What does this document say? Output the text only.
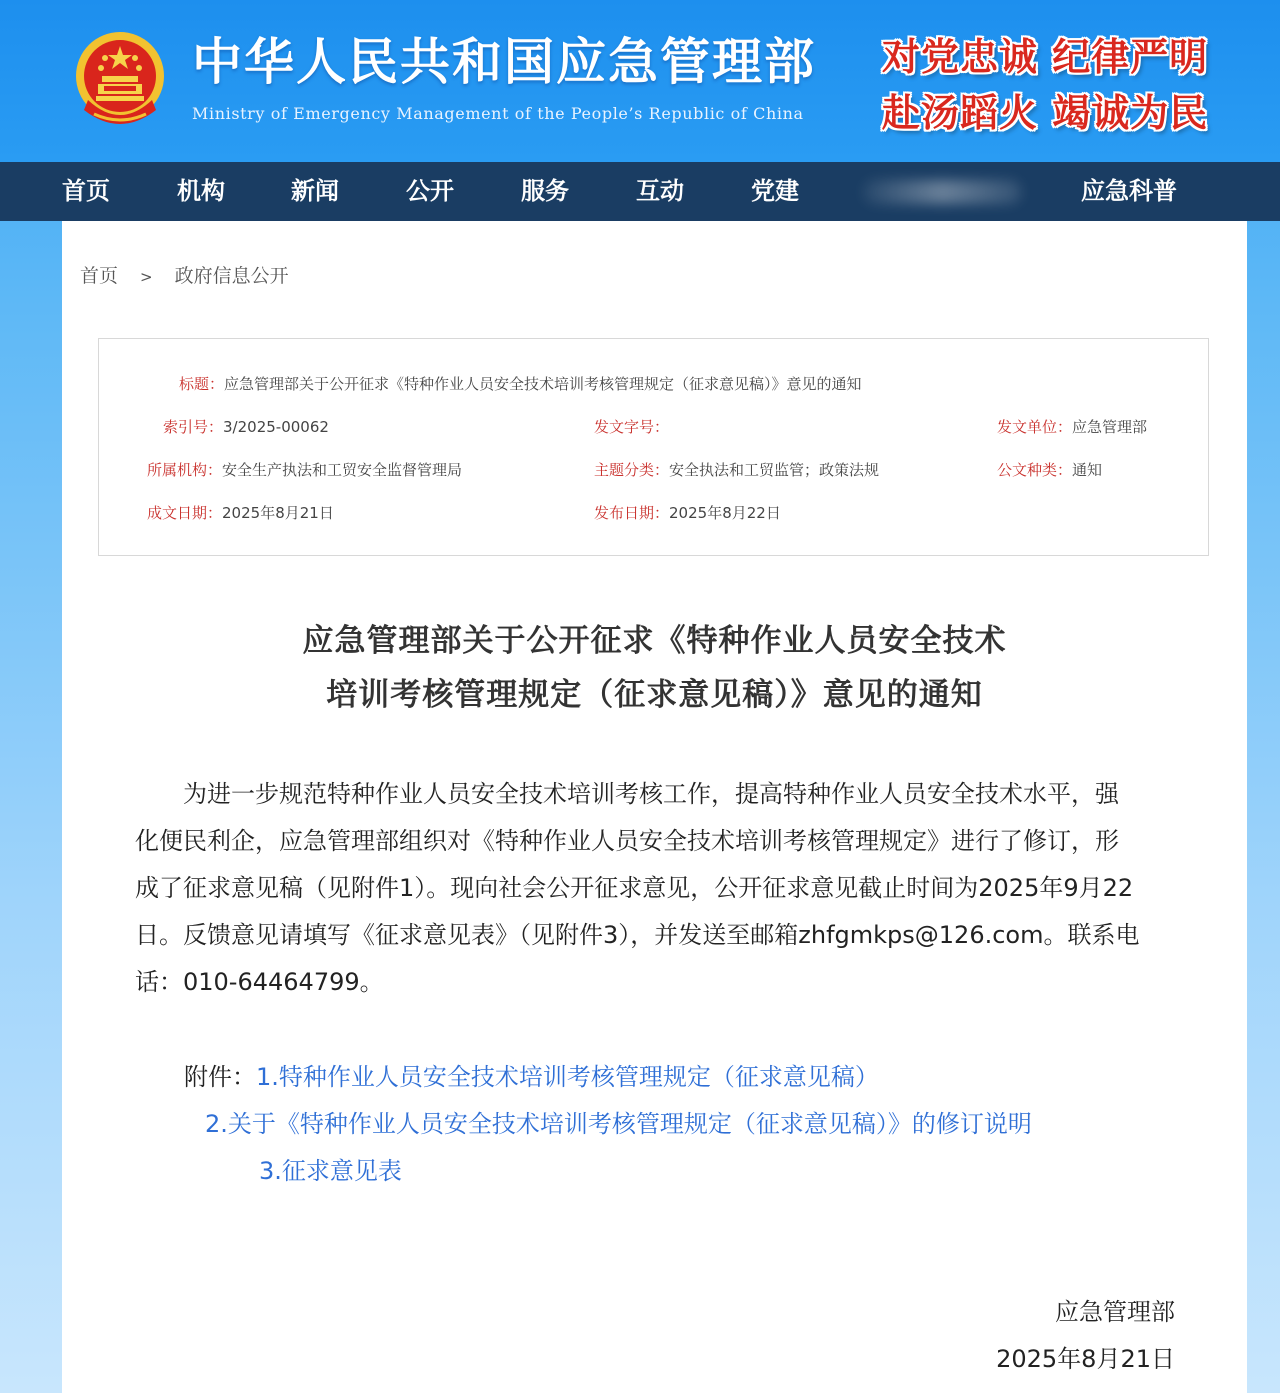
中华人民共和国应急管理部
Ministry of Emergency Management of the People’s Republic of China
对党忠诚 纪律严明
赴汤蹈火 竭诚为民
首页	机构	新闻	公开	服务	互动	党建	应急科普
首页 > 政府信息公开
标题：应急管理部关于公开征求《特种作业人员安全技术培训考核管理规定（征求意见稿）》意见的通知
索引号：3/2025-00062	发文字号：	发文单位：应急管理部
所属机构：安全生产执法和工贸安全监督管理局	主题分类：安全执法和工贸监管；政策法规	公文种类：通知
成文日期：2025年8月21日	发布日期：2025年8月22日
应急管理部关于公开征求《特种作业人员安全技术
培训考核管理规定（征求意见稿）》意见的通知
　　为进一步规范特种作业人员安全技术培训考核工作，提高特种作业人员安全技术水平，强
化便民利企，应急管理部组织对《特种作业人员安全技术培训考核管理规定》进行了修订，形
成了征求意见稿（见附件1）。现向社会公开征求意见，公开征求意见截止时间为2025年9月22
日。反馈意见请填写《征求意见表》（见附件3），并发送至邮箱zhfgmkps@126.com。联系电
话：010-64464799。
附件：1.特种作业人员安全技术培训考核管理规定（征求意见稿）
2.关于《特种作业人员安全技术培训考核管理规定（征求意见稿）》的修订说明
3.征求意见表
应急管理部
2025年8月21日
